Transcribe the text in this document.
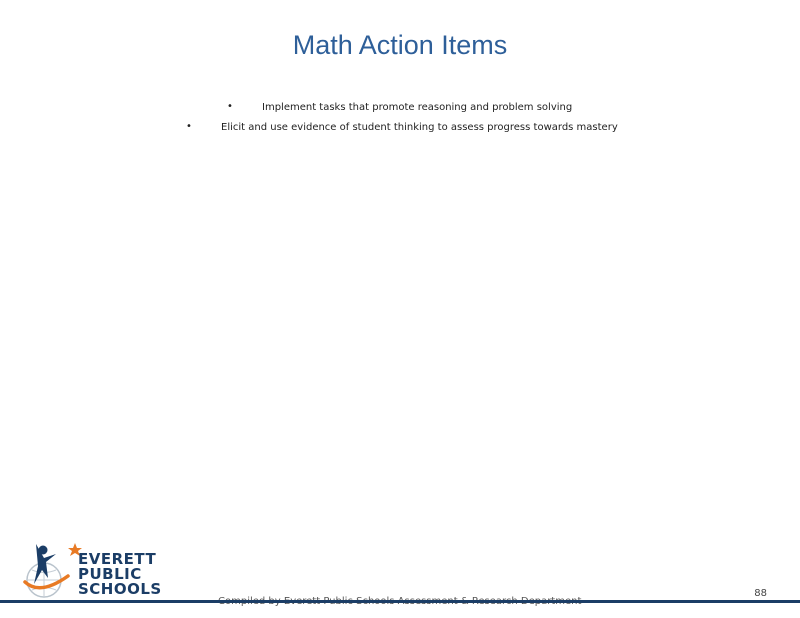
Math Action Items
•	Implement tasks that promote reasoning and problem solving
•	Elicit and use evidence of student thinking to assess progress towards mastery
EVERETT
PUBLIC
SCHOOLS	88
